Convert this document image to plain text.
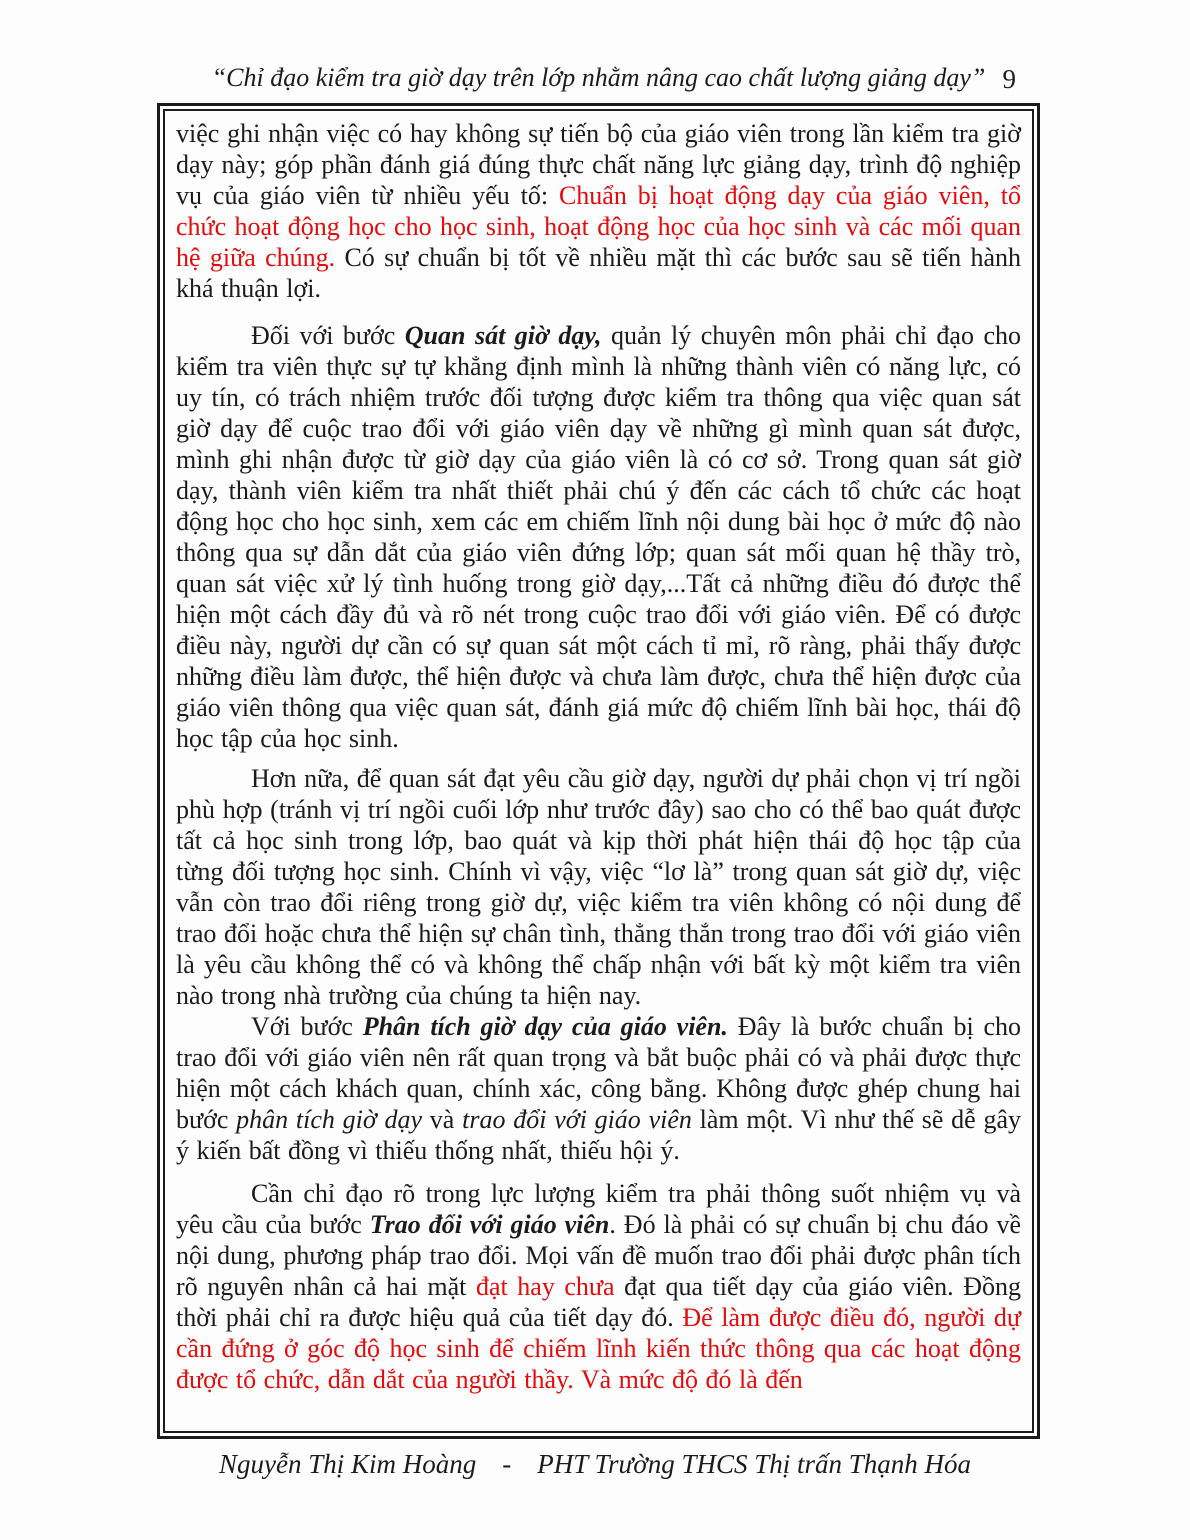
“Chỉ đạo kiểm tra giờ dạy trên lớp nhằm nâng cao chất lượng giảng dạy” 9

việc ghi nhận việc có hay không sự tiến bộ của giáo viên trong lần kiểm tra giờ dạy này; góp phần đánh giá đúng thực chất năng lực giảng dạy, trình độ nghiệp vụ của giáo viên từ nhiều yếu tố: Chuẩn bị hoạt động dạy của giáo viên, tổ chức hoạt động học cho học sinh, hoạt động học của học sinh và các mối quan hệ giữa chúng. Có sự chuẩn bị tốt về nhiều mặt thì các bước sau sẽ tiến hành khá thuận lợi.

Đối với bước Quan sát giờ dạy, quản lý chuyên môn phải chỉ đạo cho kiểm tra viên thực sự tự khẳng định mình là những thành viên có năng lực, có uy tín, có trách nhiệm trước đối tượng được kiểm tra thông qua việc quan sát giờ dạy để cuộc trao đổi với giáo viên dạy về những gì mình quan sát được, mình ghi nhận được từ giờ dạy của giáo viên là có cơ sở. Trong quan sát giờ dạy, thành viên kiểm tra nhất thiết phải chú ý đến các cách tổ chức các hoạt động học cho học sinh, xem các em chiếm lĩnh nội dung bài học ở mức độ nào thông qua sự dẫn dắt của giáo viên đứng lớp; quan sát mối quan hệ thầy trò, quan sát việc xử lý tình huống trong giờ dạy,...Tất cả những điều đó được thể hiện một cách đầy đủ và rõ nét trong cuộc trao đổi với giáo viên. Để có được điều này, người dự cần có sự quan sát một cách tỉ mỉ, rõ ràng, phải thấy được những điều làm được, thể hiện được và chưa làm được, chưa thể hiện được của giáo viên thông qua việc quan sát, đánh giá mức độ chiếm lĩnh bài học, thái độ học tập của học sinh.

Hơn nữa, để quan sát đạt yêu cầu giờ dạy, người dự phải chọn vị trí ngồi phù hợp (tránh vị trí ngồi cuối lớp như trước đây) sao cho có thể bao quát được tất cả học sinh trong lớp, bao quát và kịp thời phát hiện thái độ học tập của từng đối tượng học sinh. Chính vì vậy, việc “lơ là” trong quan sát giờ dự, việc vẫn còn trao đổi riêng trong giờ dự, việc kiểm tra viên không có nội dung để trao đổi hoặc chưa thể hiện sự chân tình, thẳng thắn trong trao đổi với giáo viên là yêu cầu không thể có và không thể chấp nhận với bất kỳ một kiểm tra viên nào trong nhà trường của chúng ta hiện nay.

Với bước Phân tích giờ dạy của giáo viên. Đây là bước chuẩn bị cho trao đổi với giáo viên nên rất quan trọng và bắt buộc phải có và phải được thực hiện một cách khách quan, chính xác, công bằng. Không được ghép chung hai bước phân tích giờ dạy và trao đổi với giáo viên làm một. Vì như thế sẽ dễ gây ý kiến bất đồng vì thiếu thống nhất, thiếu hội ý.

Cần chỉ đạo rõ trong lực lượng kiểm tra phải thông suốt nhiệm vụ và yêu cầu của bước Trao đổi với giáo viên. Đó là phải có sự chuẩn bị chu đáo về nội dung, phương pháp trao đổi. Mọi vấn đề muốn trao đổi phải được phân tích rõ nguyên nhân cả hai mặt đạt hay chưa đạt qua tiết dạy của giáo viên. Đồng thời phải chỉ ra được hiệu quả của tiết dạy đó. Để làm được điều đó, người dự cần đứng ở góc độ học sinh để chiếm lĩnh kiến thức thông qua các hoạt động được tổ chức, dẫn dắt của người thầy. Và mức độ đó là đến

Nguyễn Thị Kim Hoàng - PHT Trường THCS Thị trấn Thạnh Hóa
